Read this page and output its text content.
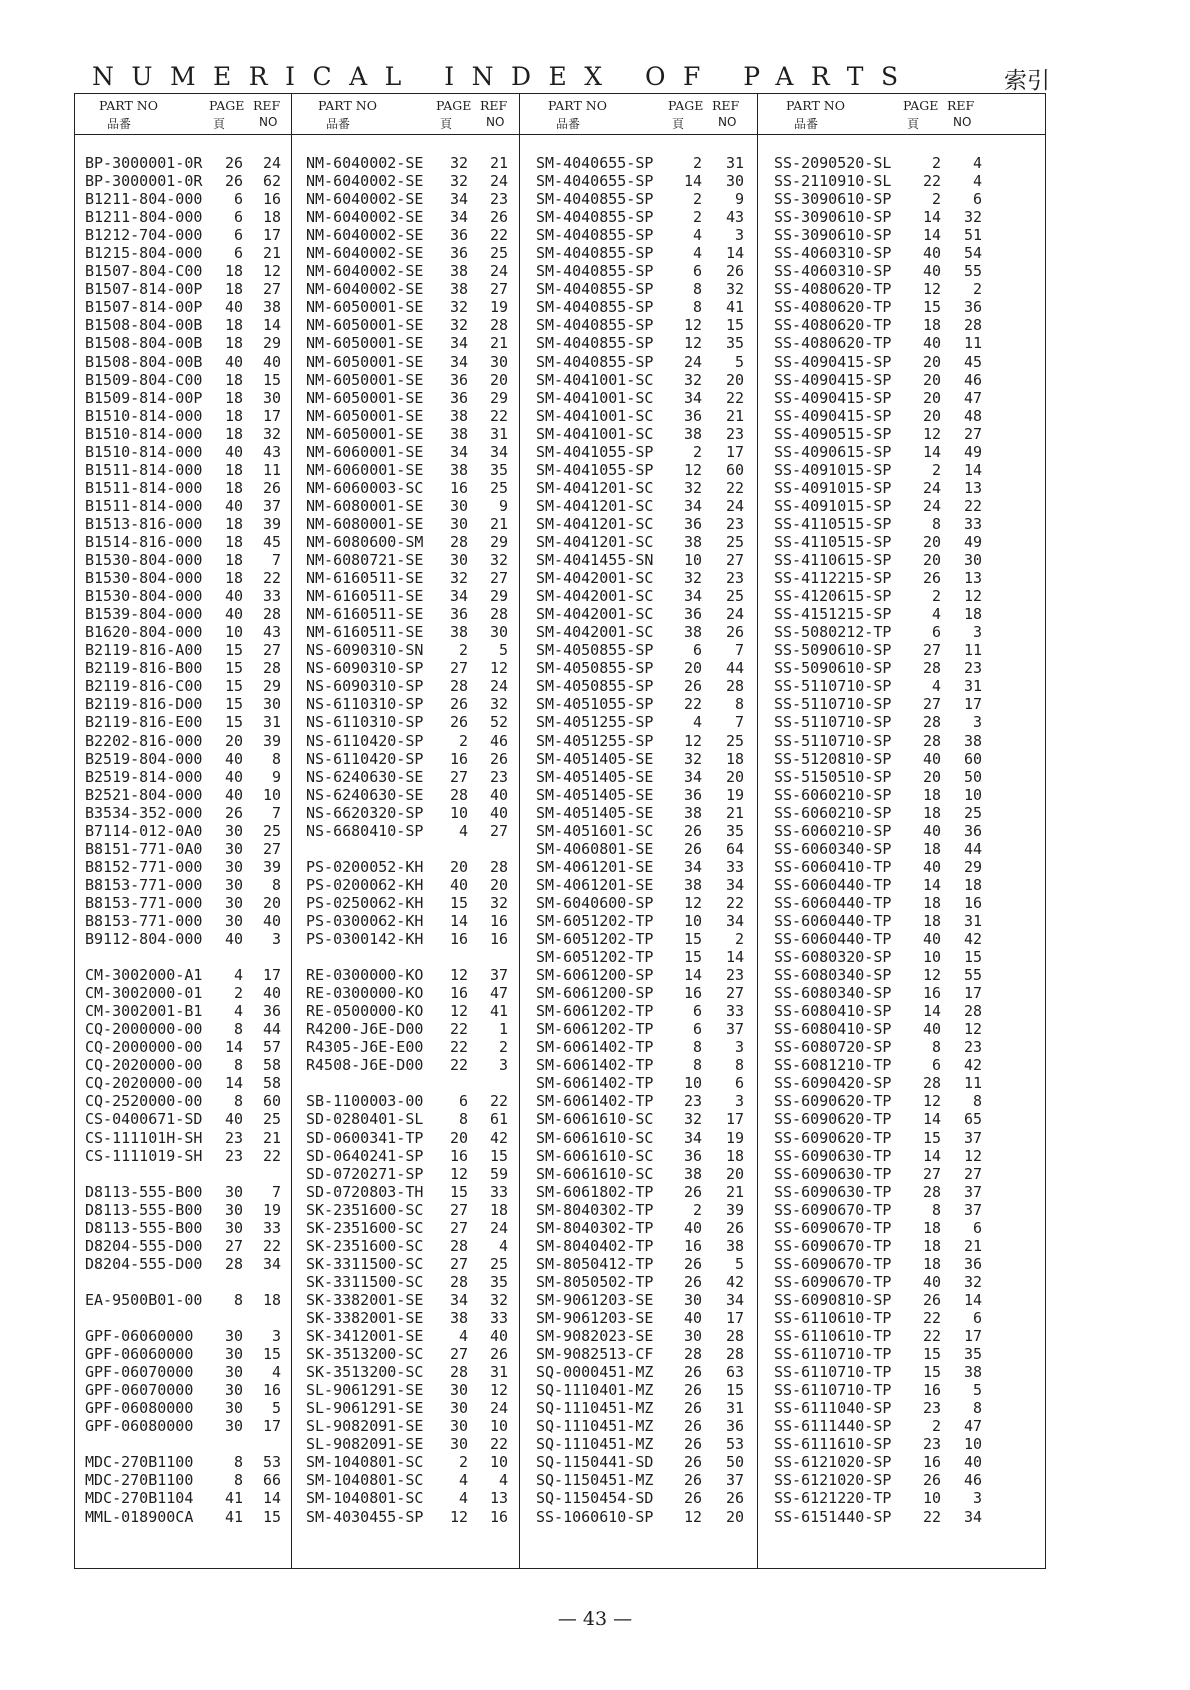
NUMERICAL INDEX OF PARTS	索引
PART NO	PAGE REF
品番	頁	NO
BP-3000001-0R 26 24
BP-3000001-0R 26 62
B1211-804-000 6 16
B1211-804-000 6 18
B1212-704-000 6 17
B1215-804-000 6 21
B1507-804-C00 18 12
B1507-814-00P 18 27
B1507-814-00P 40 38
B1508-804-00B 18 14
B1508-804-00B 18 29
B1508-804-00B 40 40
B1509-804-C00 18 15
B1509-814-00P 18 30
B1510-814-000 18 17
B1510-814-000 18 32
B1510-814-000 40 43
B1511-814-000 18 11
B1511-814-000 18 26
B1511-814-000 40 37
B1513-816-000 18 39
B1514-816-000 18 45
B1530-804-000 18 7
B1530-804-000 18 22
B1530-804-000 40 33
B1539-804-000 40 28
B1620-804-000 10 43
B2119-816-A00 15 27
B2119-816-B00 15 28
B2119-816-C00 15 29
B2119-816-D00 15 30
B2119-816-E00 15 31
B2202-816-000 20 39
B2519-804-000 40 8
B2519-814-000 40 9
B2521-804-000 40 10
B3534-352-000 26 7
B7114-012-0A0 30 25
B8151-771-0A0 30 27
B8152-771-000 30 39
B8153-771-000 30 8
B8153-771-000 30 20
B8153-771-000 30 40
B9112-804-000 40 3
CM-3002000-A1 4 17
CM-3002000-01 2 40
CM-3002001-B1 4 36
CQ-2000000-00 8 44
CQ-2000000-00 14 57
CQ-2020000-00 8 58
CQ-2020000-00 14 58
CQ-2520000-00 8 60
CS-0400671-SD 40 25
CS-111101H-SH 23 21
CS-1111019-SH 23 22
D8113-555-B00 30 7
D8113-555-B00 30 19
D8113-555-B00 30 33
D8204-555-D00 27 22
D8204-555-D00 28 34
EA-9500B01-00 8 18
GPF-06060000 30 3
GPF-06060000 30 15
GPF-06070000 30 4
GPF-06070000 30 16
GPF-06080000 30 5
GPF-06080000 30 17
MDC-270B1100	8 53
MDC-270B1100	8 66
MDC-270B1104 41 14
MML-018900CA 41 15
PART NO	PAGE REF
品番	頁	NO
NM-6040002-SE 32 21
NM-6040002-SE 32 24
NM-6040002-SE 34 23
NM-6040002-SE 34 26
NM-6040002-SE 36 22
NM-6040002-SE 36 25
NM-6040002-SE 38 24
NM-6040002-SE 38 27
NM-6050001-SE 32 19
NM-6050001-SE 32 28
NM-6050001-SE 34 21
NM-6050001-SE 34 30
NM-6050001-SE 36 20
NM-6050001-SE 36 29
NM-6050001-SE 38 22
NM-6050001-SE 38 31
NM-6060001-SE 34 34
NM-6060001-SE 38 35
NM-6060003-SC 16 25
NM-6080001-SE 30 9
NM-6080001-SE 30 21
NM-6080600-SM 28 29
NM-6080721-SE 30 32
NM-6160511-SE 32 27
NM-6160511-SE 34 29
NM-6160511-SE 36 28
NM-6160511-SE 38 30
NS-6090310-SN 2 5
NS-6090310-SP 27 12
NS-6090310-SP 28 24
NS-6110310-SP 26 32
NS-6110310-SP 26 52
NS-6110420-SP 2 46
NS-6110420-SP 16 26
NS-6240630-SE 27 23
NS-6240630-SE 28 40
NS-6620320-SP 10 40
NS-6680410-SP 4 27
PS-0200052-KH 20 28
PS-0200062-KH 40 20
PS-0250062-KH 15 32
PS-0300062-KH 14 16
PS-0300142-KH 16 16
RE-0300000-KO 12 37
RE-0300000-KO 16 47
RE-0500000-KO 12 41
R4200-J6E-D00 22 1
R4305-J6E-E00 22 2
R4508-J6E-D00 22 3
SB-1100003-00 6 22
SD-0280401-SL 8 61
SD-0600341-TP 20 42
SD-0640241-SP 16 15
SD-0720271-SP 12 59
SD-0720803-TH 15 33
SK-2351600-SC 27 18
SK-2351600-SC 27 24
SK-2351600-SC 28 4
SK-3311500-SC 27 25
SK-3311500-SC 28 35
SK-3382001-SE 34 32
SK-3382001-SE 38 33
SK-3412001-SE 4 40
SK-3513200-SC 27 26
SK-3513200-SC 28 31
SL-9061291-SE 30 12
SL-9061291-SE 30 24
SL-9082091-SE 30 10
SL-9082091-SE 30 22
SM-1040801-SC 2 10
SM-1040801-SC 4 4
SM-1040801-SC 4 13
SM-4030455-SP 12 16
PART NO	PAGE REF
品番	頁	NO
SM-4040655-SP	2 31
SM-4040655-SP 14 30
SM-4040855-SP	2 9
SM-4040855-SP	2 43
SM-4040855-SP	4 3
SM-4040855-SP	4 14
SM-4040855-SP	6 26
SM-4040855-SP	8 32
SM-4040855-SP	8 41
SM-4040855-SP 12 15
SM-4040855-SP 12 35
SM-4040855-SP 24 5
SM-4041001-SC 32 20
SM-4041001-SC 34 22
SM-4041001-SC 36 21
SM-4041001-SC 38 23
SM-4041055-SP	2 17
SM-4041055-SP 12 60
SM-4041201-SC 32 22
SM-4041201-SC 34 24
SM-4041201-SC 36 23
SM-4041201-SC 38 25
SM-4041455-SN 10 27
SM-4042001-SC 32 23
SM-4042001-SC 34 25
SM-4042001-SC 36 24
SM-4042001-SC 38 26
SM-4050855-SP	6 7
SM-4050855-SP 20 44
SM-4050855-SP 26 28
SM-4051055-SP 22 8
SM-4051255-SP	4 7
SM-4051255-SP 12 25
SM-4051405-SE 32 18
SM-4051405-SE 34 20
SM-4051405-SE 36 19
SM-4051405-SE 38 21
SM-4051601-SC 26 35
SM-4060801-SE 26 64
SM-4061201-SE 34 33
SM-4061201-SE 38 34
SM-6040600-SP 12 22
SM-6051202-TP 10 34
SM-6051202-TP 15 2
SM-6051202-TP 15 14
SM-6061200-SP 14 23
SM-6061200-SP 16 27
SM-6061202-TP	6 33
SM-6061202-TP	6 37
SM-6061402-TP	8 3
SM-6061402-TP	8 8
SM-6061402-TP 10 6
SM-6061402-TP 23 3
SM-6061610-SC 32 17
SM-6061610-SC 34 19
SM-6061610-SC 36 18
SM-6061610-SC 38 20
SM-6061802-TP 26 21
SM-8040302-TP	2 39
SM-8040302-TP 40 26
SM-8040402-TP 16 38
SM-8050412-TP 26 5
SM-8050502-TP 26 42
SM-9061203-SE 30 34
SM-9061203-SE 40 17
SM-9082023-SE 30 28
SM-9082513-CF 28 28
SQ-0000451-MZ 26 63
SQ-1110401-MZ 26 15
SQ-1110451-MZ 26 31
SQ-1110451-MZ 26 36
SQ-1110451-MZ 26 53
SQ-1150441-SD 26 50
SQ-1150451-MZ 26 37
SQ-1150454-SD 26 26
SS-1060610-SP 12 20
PART NO	PAGE REF
品番	頁	NO
SS-2090520-SL	2 4
SS-2110910-SL 22 4
SS-3090610-SP	2 6
SS-3090610-SP 14 32
SS-3090610-SP 14 51
SS-4060310-SP 40 54
SS-4060310-SP 40 55
SS-4080620-TP 12 2
SS-4080620-TP 15 36
SS-4080620-TP 18 28
SS-4080620-TP 40 11
SS-4090415-SP 20 45
SS-4090415-SP 20 46
SS-4090415-SP 20 47
SS-4090415-SP 20 48
SS-4090515-SP 12 27
SS-4090615-SP 14 49
SS-4091015-SP	2 14
SS-4091015-SP 24 13
SS-4091015-SP 24 22
SS-4110515-SP	8 33
SS-4110515-SP 20 49
SS-4110615-SP 20 30
SS-4112215-SP 26 13
SS-4120615-SP	2 12
SS-4151215-SP	4 18
SS-5080212-TP	6 3
SS-5090610-SP 27 11
SS-5090610-SP 28 23
SS-5110710-SP	4 31
SS-5110710-SP 27 17
SS-5110710-SP 28 3
SS-5110710-SP 28 38
SS-5120810-SP 40 60
SS-5150510-SP 20 50
SS-6060210-SP 18 10
SS-6060210-SP 18 25
SS-6060210-SP 40 36
SS-6060340-SP 18 44
SS-6060410-TP 40 29
SS-6060440-TP 14 18
SS-6060440-TP 18 16
SS-6060440-TP 18 31
SS-6060440-TP 40 42
SS-6080320-SP 10 15
SS-6080340-SP 12 55
SS-6080340-SP 16 17
SS-6080410-SP 14 28
SS-6080410-SP 40 12
SS-6080720-SP	8 23
SS-6081210-TP	6 42
SS-6090420-SP 28 11
SS-6090620-TP 12 8
SS-6090620-TP 14 65
SS-6090620-TP 15 37
SS-6090630-TP 14 12
SS-6090630-TP 27 27
SS-6090630-TP 28 37
SS-6090670-TP	8 37
SS-6090670-TP 18 6
SS-6090670-TP 18 21
SS-6090670-TP 18 36
SS-6090670-TP 40 32
SS-6090810-SP 26 14
SS-6110610-TP 22 6
SS-6110610-TP 22 17
SS-6110710-TP 15 35
SS-6110710-TP 15 38
SS-6110710-TP 16 5
SS-6111040-SP 23 8
SS-6111440-SP	2 47
SS-6111610-SP 23 10
SS-6121020-SP 16 40
SS-6121020-SP 26 46
SS-6121220-TP 10 3
SS-6151440-SP 22 34
— 43 —
